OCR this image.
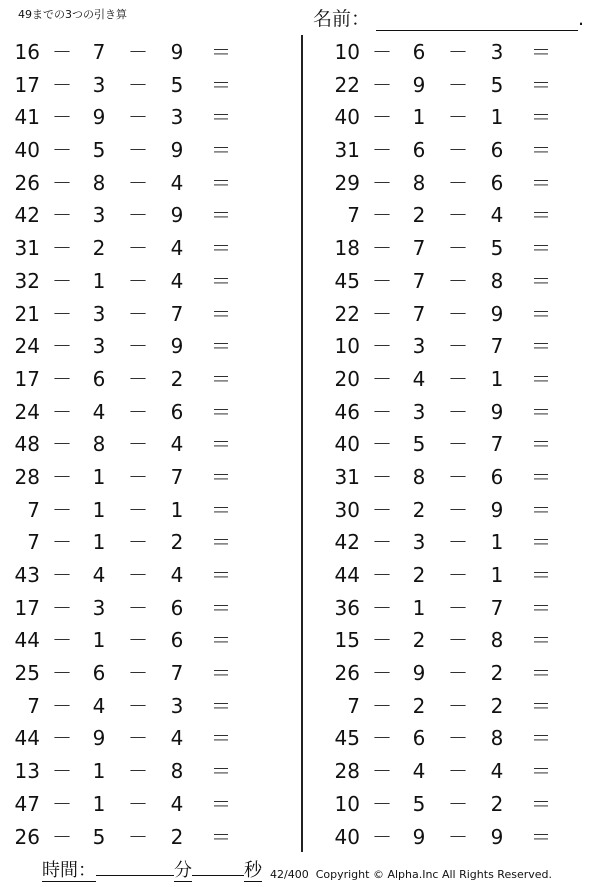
49までの3つの引き算	名前：	.
16 －	7	－	9	＝
17 －	3	－	5	＝
41 －	9	－	3	＝
40 －	5	－	9	＝
26 －	8	－	4	＝
42 －	3	－	9	＝
31 －	2	－	4	＝
32 －	1	－	4	＝
21 －	3	－	7	＝
24 －	3	－	9	＝
17 －	6	－	2	＝
24 －	4	－	6	＝
48 －	8	－	4	＝
28 －	1	－	7	＝
7 －	1	－	1	＝
7 －	1	－	2	＝
43 －	4	－	4	＝
17 －	3	－	6	＝
44 －	1	－	6	＝
25 －	6	－	7	＝
7 －	4	－	3	＝
44 －	9	－	4	＝
13 －	1	－	8	＝
47 －	1	－	4	＝
26 －	5	－	2	＝
10 －	6	－	3	＝
22 －	9	－	5	＝
40 －	1	－	1	＝
31 －	6	－	6	＝
29 －	8	－	6	＝
7 －	2	－	4	＝
18 －	7	－	5	＝
45 －	7	－	8	＝
22 －	7	－	9	＝
10 －	3	－	7	＝
20 －	4	－	1	＝
46 －	3	－	9	＝
40 －	5	－	7	＝
31 －	8	－	6	＝
30 －	2	－	9	＝
42 －	3	－	1	＝
44 －	2	－	1	＝
36 －	1	－	7	＝
15 －	2	－	8	＝
26 －	9	－	2	＝
7 －	2	－	2	＝
45 －	6	－	8	＝
28 －	4	－	4	＝
10 －	5	－	2	＝
40 －	9	－	9	＝
時間：	分	秒 42/400 Copyright © Alpha.Inc All Rights Reserved.
